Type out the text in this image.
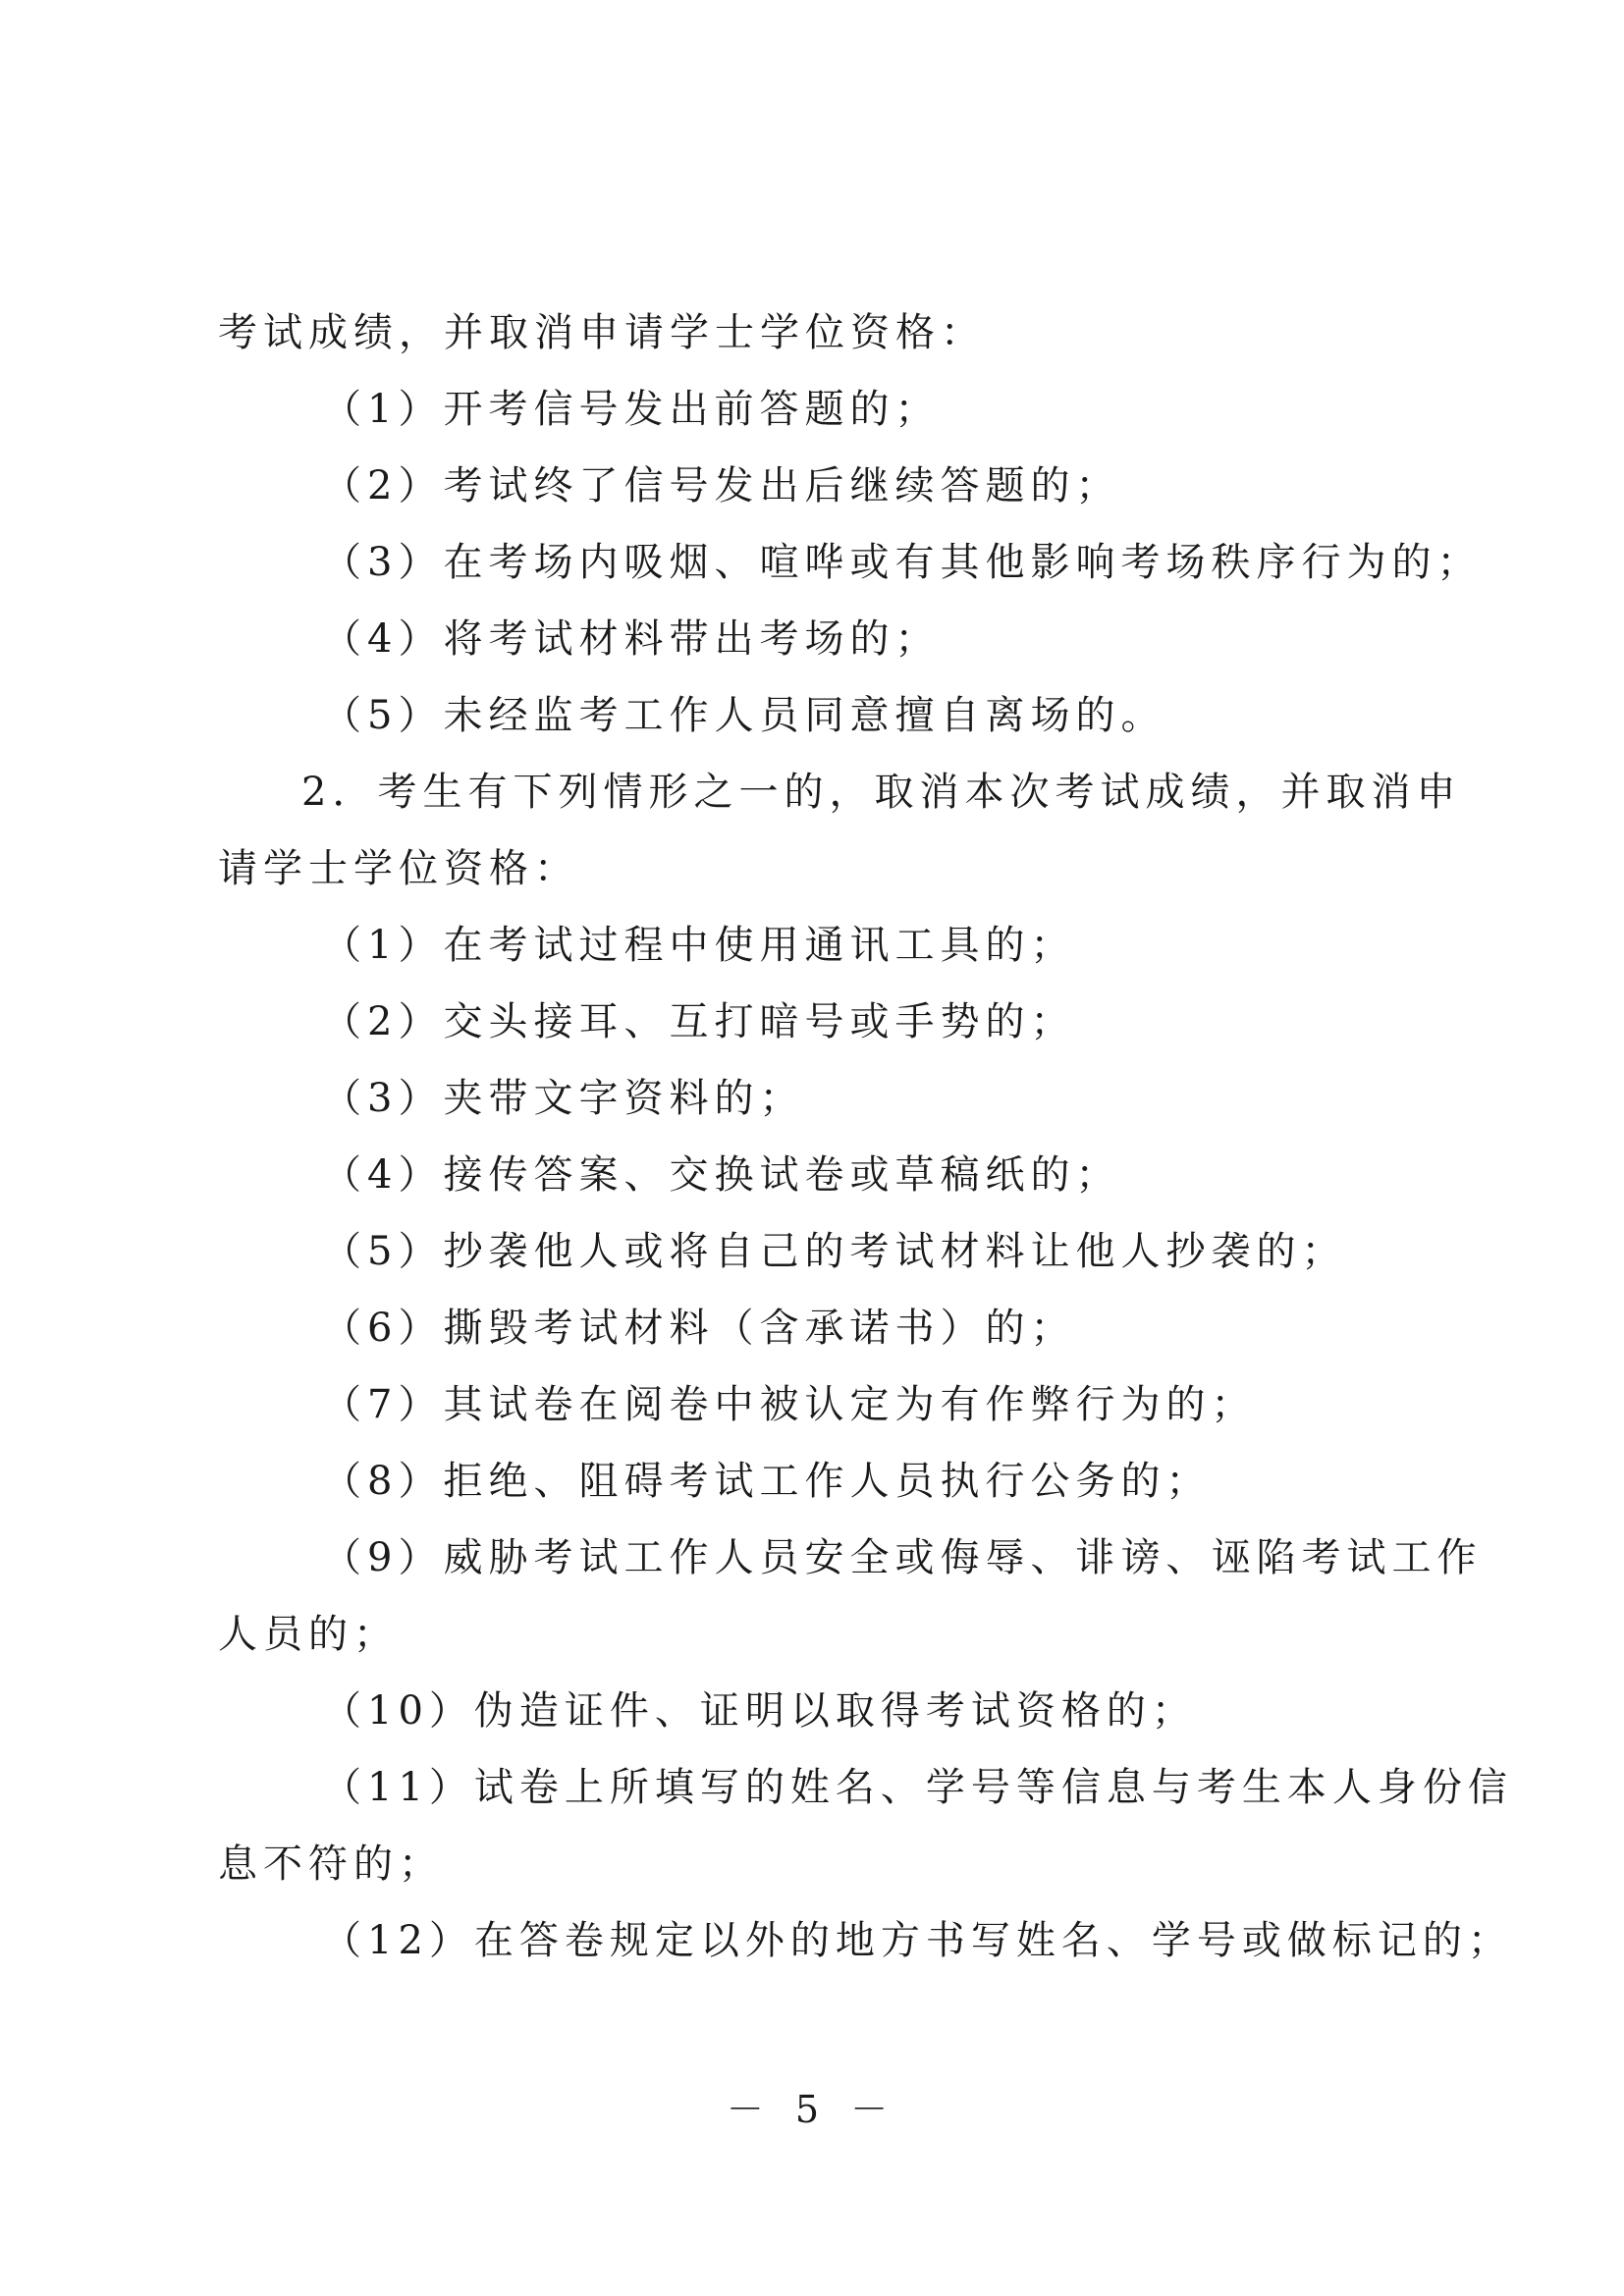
考试成绩，并取消申请学士学位资格：
（1）开考信号发出前答题的；
（2）考试终了信号发出后继续答题的；
（3）在考场内吸烟、喧哗或有其他影响考场秩序行为的；
（4）将考试材料带出考场的；
（5）未经监考工作人员同意擅自离场的。
2．考生有下列情形之一的，取消本次考试成绩，并取消申
请学士学位资格：
（1）在考试过程中使用通讯工具的；
（2）交头接耳、互打暗号或手势的；
（3）夹带文字资料的；
（4）接传答案、交换试卷或草稿纸的；
（5）抄袭他人或将自己的考试材料让他人抄袭的；
（6）撕毁考试材料（含承诺书）的；
（7）其试卷在阅卷中被认定为有作弊行为的；
（8）拒绝、阻碍考试工作人员执行公务的；
（9）威胁考试工作人员安全或侮辱、诽谤、诬陷考试工作
人员的；
（10）伪造证件、证明以取得考试资格的；
（11）试卷上所填写的姓名、学号等信息与考生本人身份信
息不符的；
（12）在答卷规定以外的地方书写姓名、学号或做标记的；
－ 5 －
